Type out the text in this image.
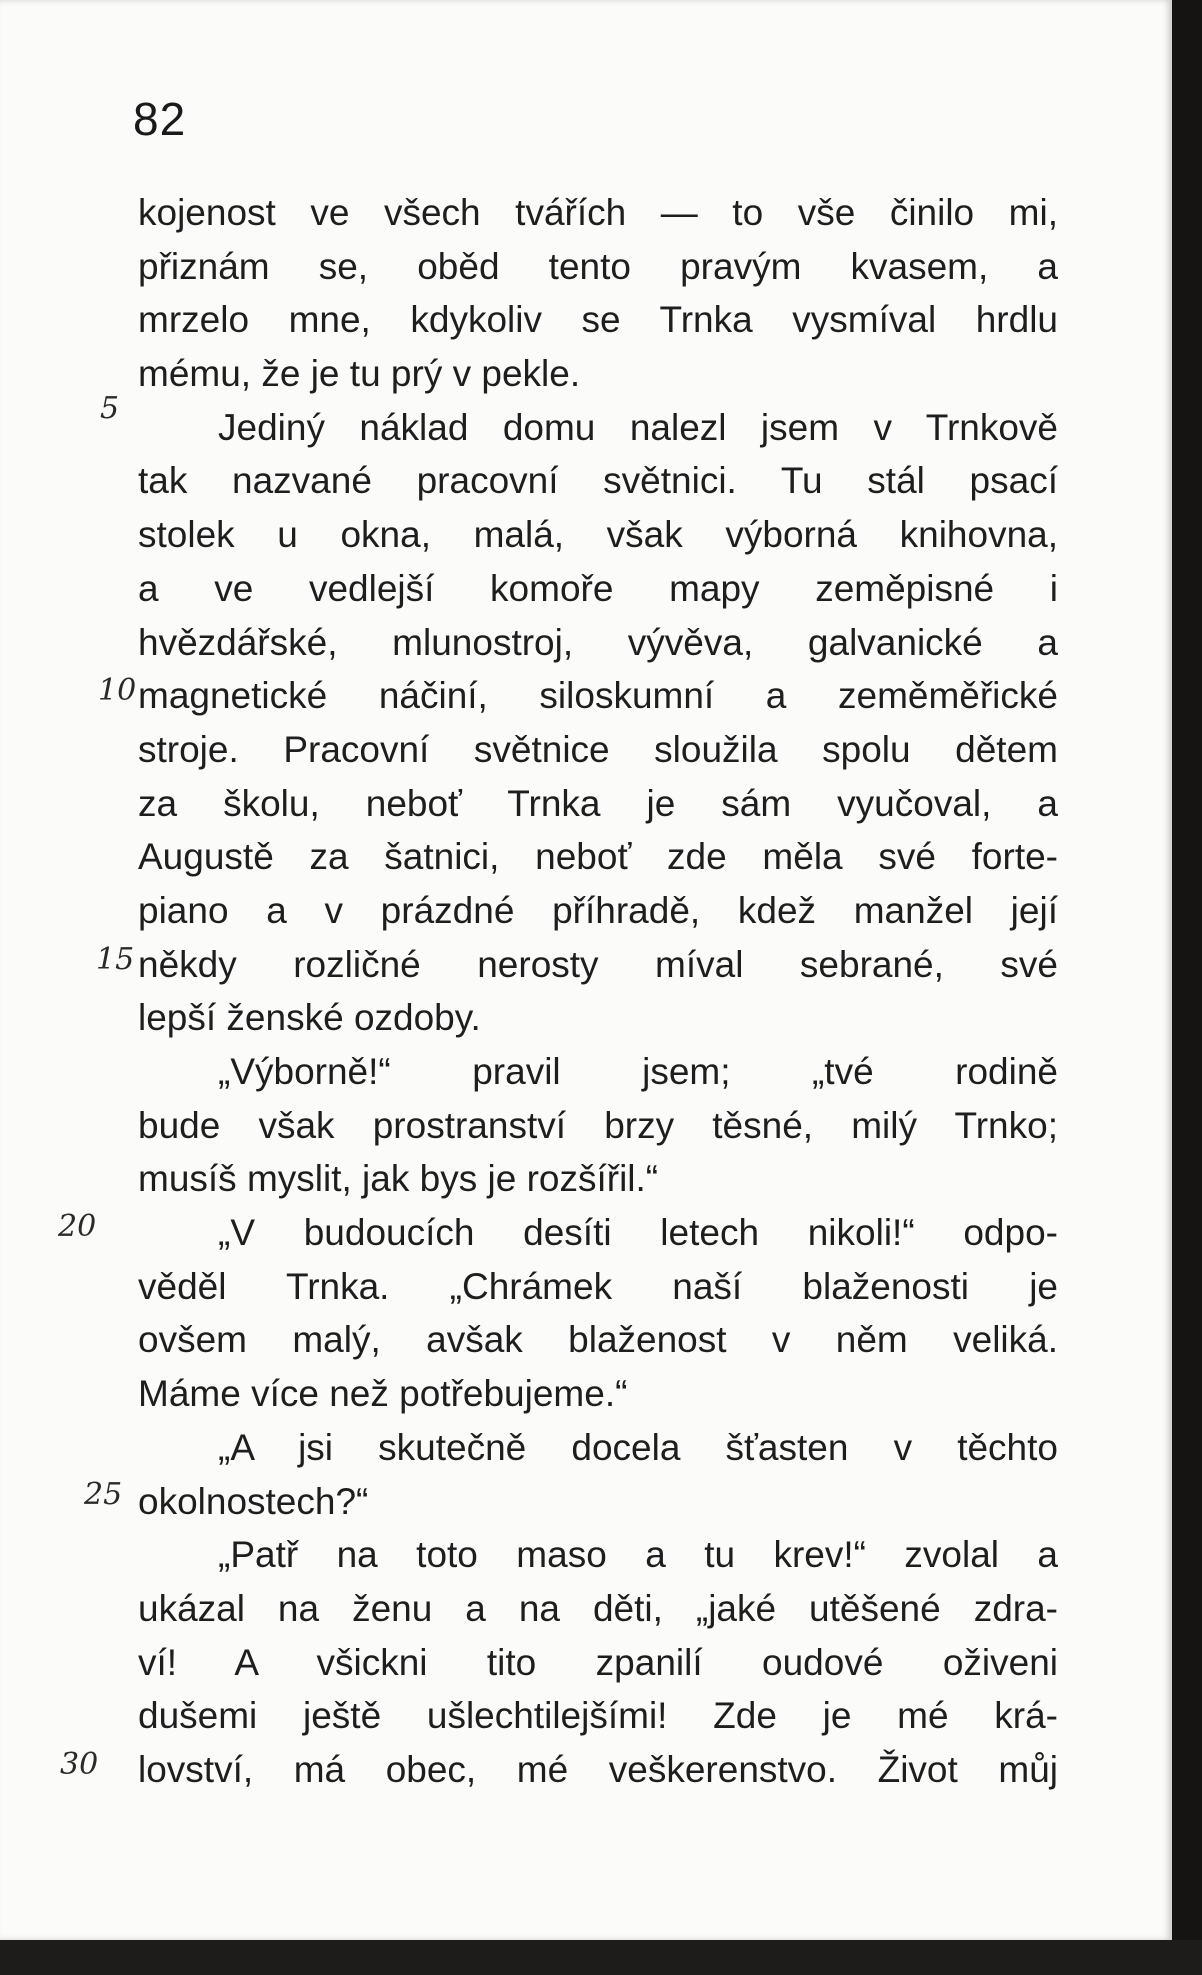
82
kojenost ve všech tvářích — to vše činilo mi,
přiznám se, oběd tento pravým kvasem, a
mrzelo mne, kdykoliv se Trnka vysmíval hrdlu
mému, že je tu prý v pekle.
Jediný náklad domu nalezl jsem v Trnkově
tak nazvané pracovní světnici. Tu stál psací
stolek u okna, malá, však výborná knihovna,
a ve vedlejší komoře mapy zeměpisné i
hvězdářské, mlunostroj, vývěva, galvanické a
magnetické náčiní, siloskumní a zeměměřické
stroje. Pracovní světnice sloužila spolu dětem
za školu, neboť Trnka je sám vyučoval, a
Augustě za šatnici, neboť zde měla své forte-
piano a v prázdné příhradě, kdež manžel její
někdy rozličné nerosty míval sebrané, své
lepší ženské ozdoby.
„Výborně!“ pravil jsem; „tvé rodině
bude však prostranství brzy těsné, milý Trnko;
musíš myslit, jak bys je rozšířil.“
„V budoucích desíti letech nikoli!“ odpo-
věděl Trnka. „Chrámek naší blaženosti je
ovšem malý, avšak blaženost v něm veliká.
Máme více než potřebujeme.“
„A jsi skutečně docela šťasten v těchto
okolnostech?“
„Patř na toto maso a tu krev!“ zvolal a
ukázal na ženu a na děti, „jaké utěšené zdra-
ví! A všickni tito zpanilí oudové oživeni
dušemi ještě ušlechtilejšími! Zde je mé krá-
lovství, má obec, mé veškerenstvo. Život můj
5
10
15
20
25
30
